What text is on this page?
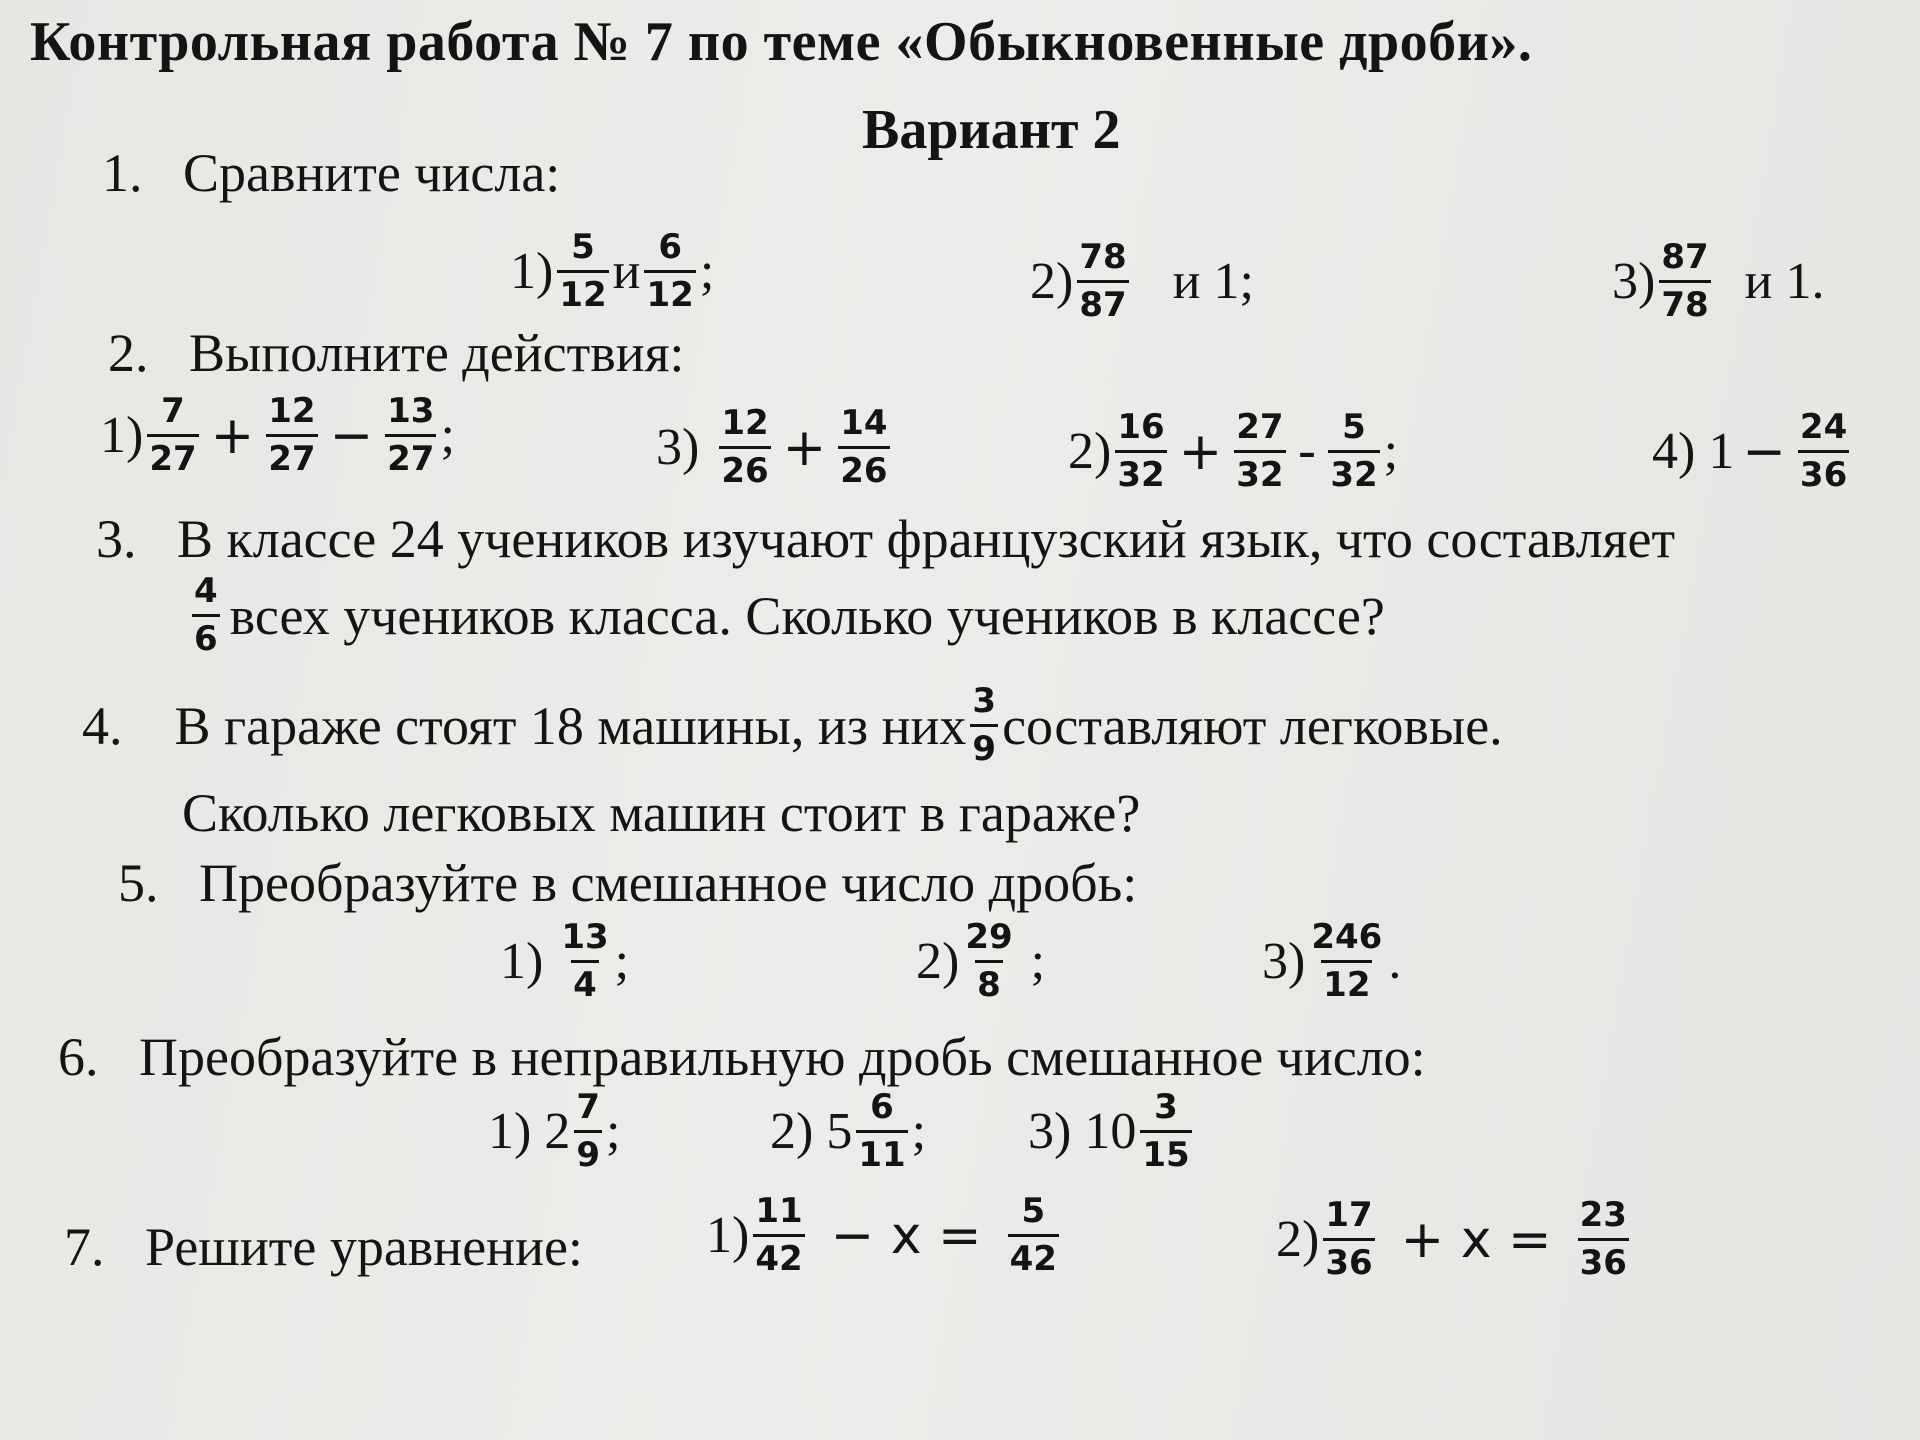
Контрольная работа № 7 по теме «Обыкновенные дроби».
Вариант 2
1. Сравните числа:
$1) \frac{5}{12}$ и $\frac{6}{12}$ ;	$2) \frac{78}{87}$ и 1;	$3) \frac{87}{78}$ и 1.
2. Выполните действия:
$1) \frac{7}{27} + \frac{12}{27} - \frac{13}{27}$ ;	$3) \frac{12}{26} + \frac{14}{26}$	$2) \frac{16}{32} + \frac{27}{32} - \frac{5}{32}$ ;	4) $1 - \frac{24}{36}$
3. В классе 24 учеников изучают французский язык, что составляет
$\frac{4}{6}$ всех учеников класса. Сколько учеников в классе?
4. В гараже стоят 18 машины, из них $\frac{3}{9}$ составляют легковые.
Сколько легковых машин стоит в гараже?
5. Преобразуйте в смешанное число дробь:
$1) \frac{13}{4}$ ;	$2) \frac{29}{8}$ ;	$3) \frac{246}{12}$ .
6. Преобразуйте в неправильную дробь смешанное число:
1) $2 \frac{7}{9}$ ;	2) $5 \frac{6}{11}$ ; 3) $10 \frac{3}{15}$
7. Решите уравнение: $1) \frac{11}{42} - x = \frac{5}{42}$	$2) \frac{17}{36} + x = \frac{23}{36}$
